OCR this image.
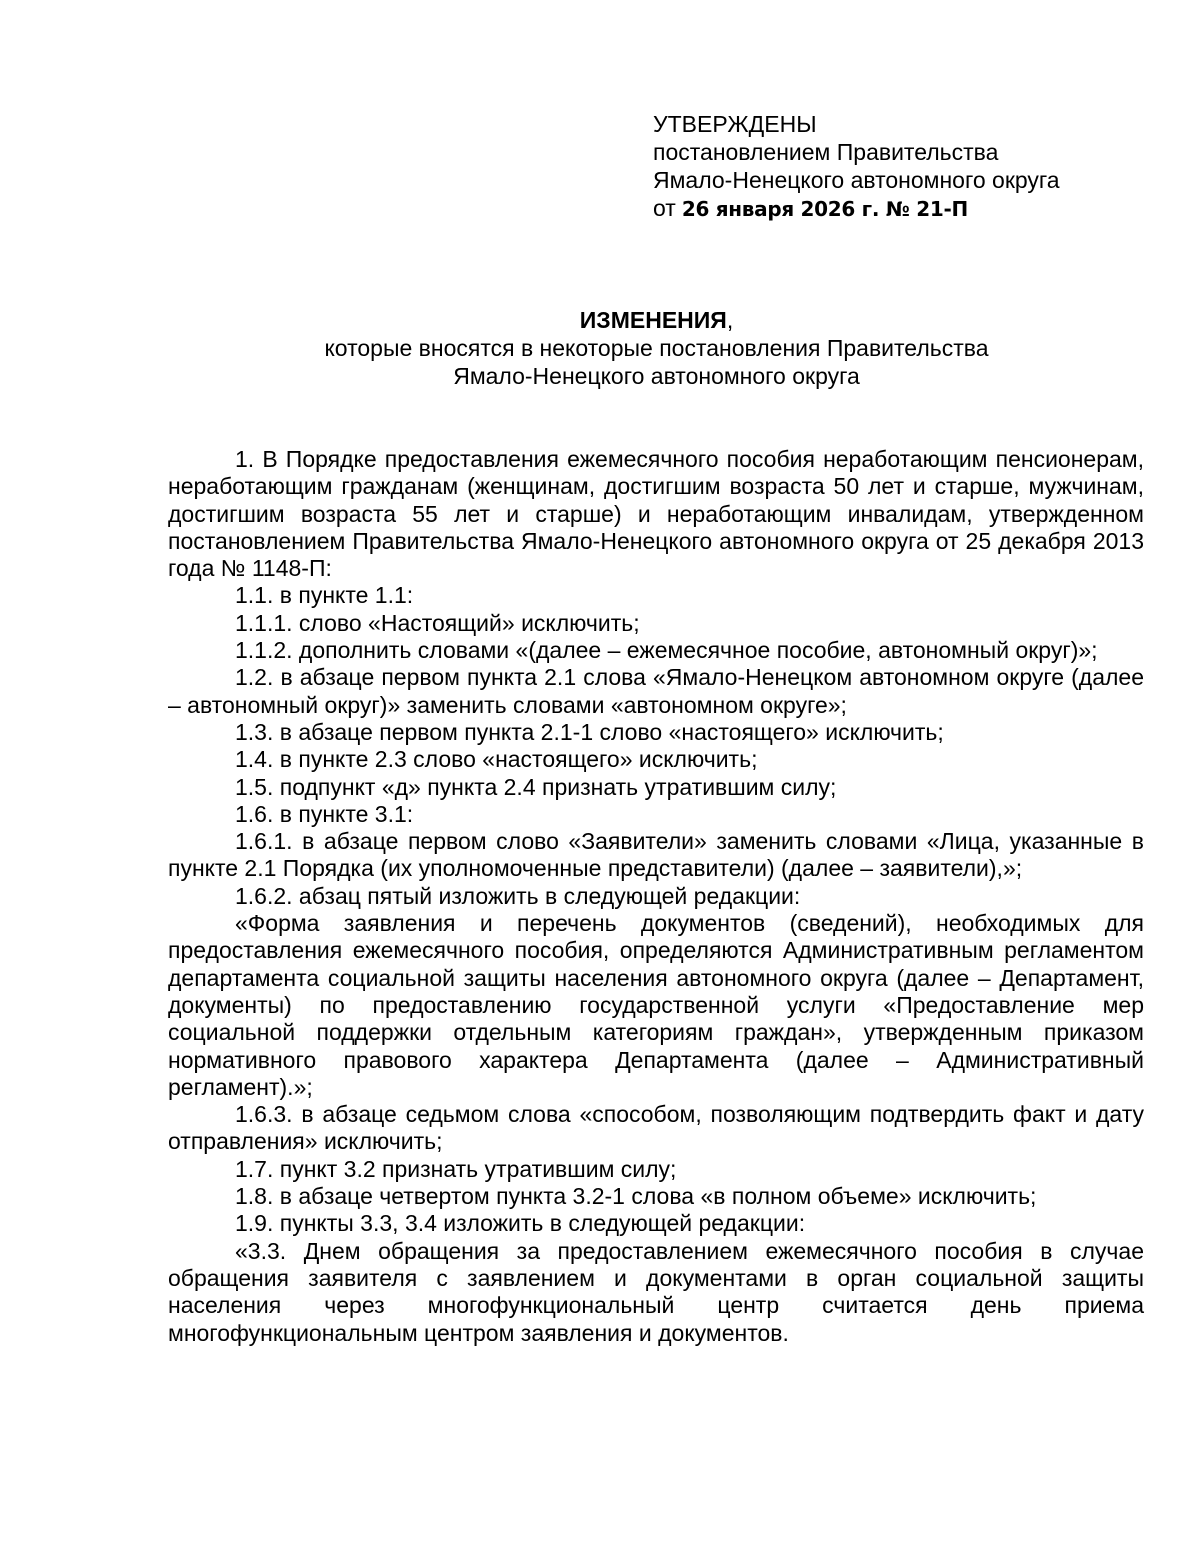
УТВЕРЖДЕНЫ

постановлением Правительства

Ямало-Ненецкого автономного округа

от 26 января 2026 г. № 21-П

ИЗМЕНЕНИЯ,

которые вносятся в некоторые постановления Правительства

Ямало-Ненецкого автономного округа

1. В Порядке предоставления ежемесячного пособия неработающим пенсионерам, неработающим гражданам (женщинам, достигшим возраста 50 лет и старше, мужчинам, достигшим возраста 55 лет и старше) и неработающим инвалидам, утвержденном постановлением Правительства Ямало-Ненецкого автономного округа от 25 декабря 2013 года № 1148-П:

1.1. в пункте 1.1:

1.1.1. слово «Настоящий» исключить;

1.1.2. дополнить словами «(далее – ежемесячное пособие, автономный округ)»;

1.2. в абзаце первом пункта 2.1 слова «Ямало-Ненецком автономном округе (далее – автономный округ)» заменить словами «автономном округе»;

1.3. в абзаце первом пункта 2.1-1 слово «настоящего» исключить;

1.4. в пункте 2.3 слово «настоящего» исключить;

1.5. подпункт «д» пункта 2.4 признать утратившим силу;

1.6. в пункте 3.1:

1.6.1. в абзаце первом слово «Заявители» заменить словами «Лица, указанные в пункте 2.1 Порядка (их уполномоченные представители) (далее – заявители),»;

1.6.2. абзац пятый изложить в следующей редакции:

«Форма заявления и перечень документов (сведений), необходимых для предоставления ежемесячного пособия, определяются Административным регламентом департамента социальной защиты населения автономного округа (далее – Департамент, документы) по предоставлению государственной услуги «Предоставление мер социальной поддержки отдельным категориям граждан», утвержденным приказом нормативного правового характера Департамента (далее – Административный регламент).»;

1.6.3. в абзаце седьмом слова «способом, позволяющим подтвердить факт и дату отправления» исключить;

1.7. пункт 3.2 признать утратившим силу;

1.8. в абзаце четвертом пункта 3.2-1 слова «в полном объеме» исключить;

1.9. пункты 3.3, 3.4 изложить в следующей редакции:

«3.3. Днем обращения за предоставлением ежемесячного пособия в случае обращения заявителя с заявлением и документами в орган социальной защиты населения через многофункциональный центр считается день приема многофункциональным центром заявления и документов.
